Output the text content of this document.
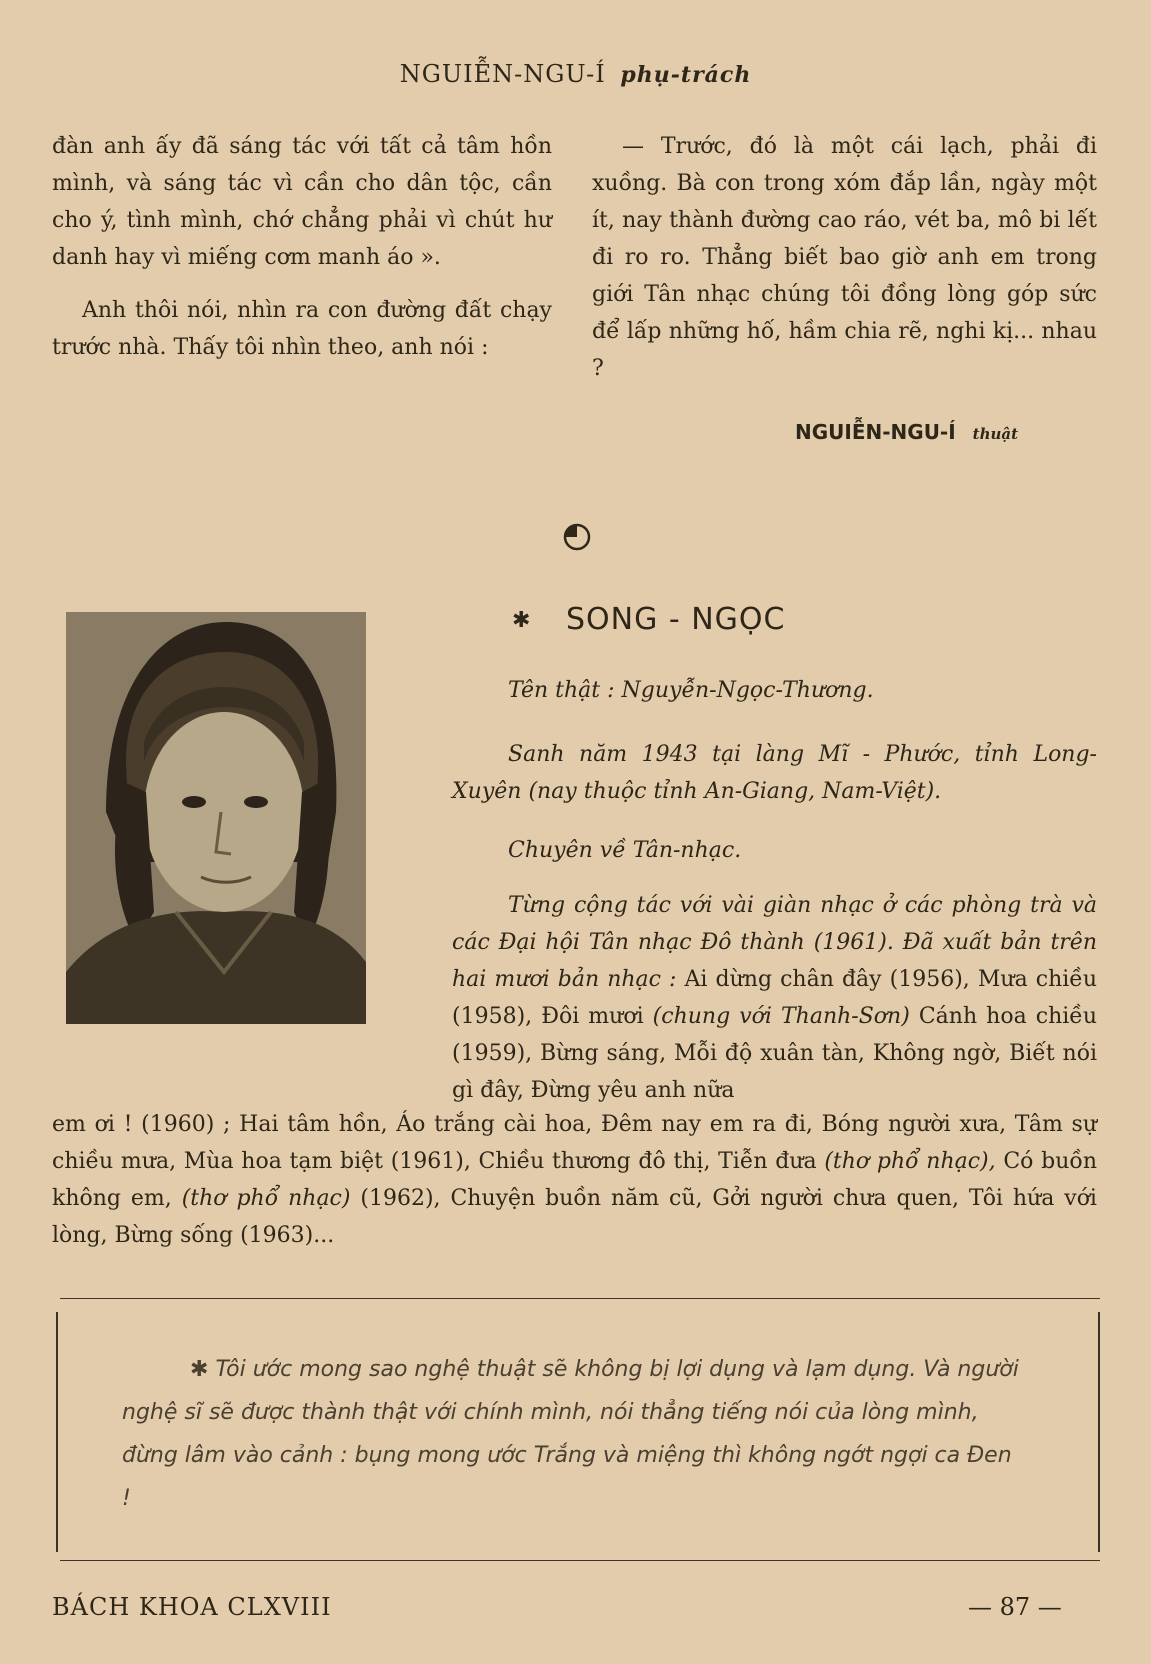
NGUIỄN-NGU-Í phụ-trách

đàn anh ấy đã sáng tác với tất cả tâm hồn mình, và sáng tác vì cần cho dân tộc, cần cho ý, tình mình, chớ chẳng phải vì chút hư danh hay vì miếng cơm manh áo ».

Anh thôi nói, nhìn ra con đường đất chạy trước nhà. Thấy tôi nhìn theo, anh nói :

— Trước, đó là một cái lạch, phải đi xuồng. Bà con trong xóm đắp lần, ngày một ít, nay thành đường cao ráo, vét ba, mô bi lết đi ro ro. Thẳng biết bao giờ anh em trong giới Tân nhạc chúng tôi đồng lòng góp sức để lấp những hố, hầm chia rẽ, nghi kị... nhau ?

NGUIỄN-NGU-Í thuật
✱ SONG - NGỌC
Tên thật : Nguyễn-Ngọc-Thương.
Sanh năm 1943 tại làng Mĩ - Phước, tỉnh Long-Xuyên (nay thuộc tỉnh An-Giang, Nam-Việt).
Chuyên về Tân-nhạc.
Từng cộng tác với vài giàn nhạc ở các phòng trà và các Đại hội Tân nhạc Đô thành (1961). Đã xuất bản trên hai mươi bản nhạc : Ai dừng chân đây (1956), Mưa chiều (1958), Đôi mươi (chung với Thanh-Sơn) Cánh hoa chiều (1959), Bừng sáng, Mỗi độ xuân tàn, Không ngờ, Biết nói gì đây, Đừng yêu anh nữa
em ơi ! (1960) ; Hai tâm hồn, Áo trắng cài hoa, Đêm nay em ra đi, Bóng người xưa, Tâm sự chiều mưa, Mùa hoa tạm biệt (1961), Chiều thương đô thị, Tiễn đưa (thơ phổ nhạc), Có buồn không em, (thơ phổ nhạc) (1962), Chuyện buồn năm cũ, Gởi người chưa quen, Tôi hứa với lòng, Bừng sống (1963)...
✱ Tôi ước mong sao nghệ thuật sẽ không bị lợi dụng và lạm dụng. Và người nghệ sĩ sẽ được thành thật với chính mình, nói thẳng tiếng nói của lòng mình, đừng lâm vào cảnh : bụng mong ước Trắng và miệng thì không ngớt ngợi ca Đen !
BÁCH KHOA CLXVIII	— 87 —
